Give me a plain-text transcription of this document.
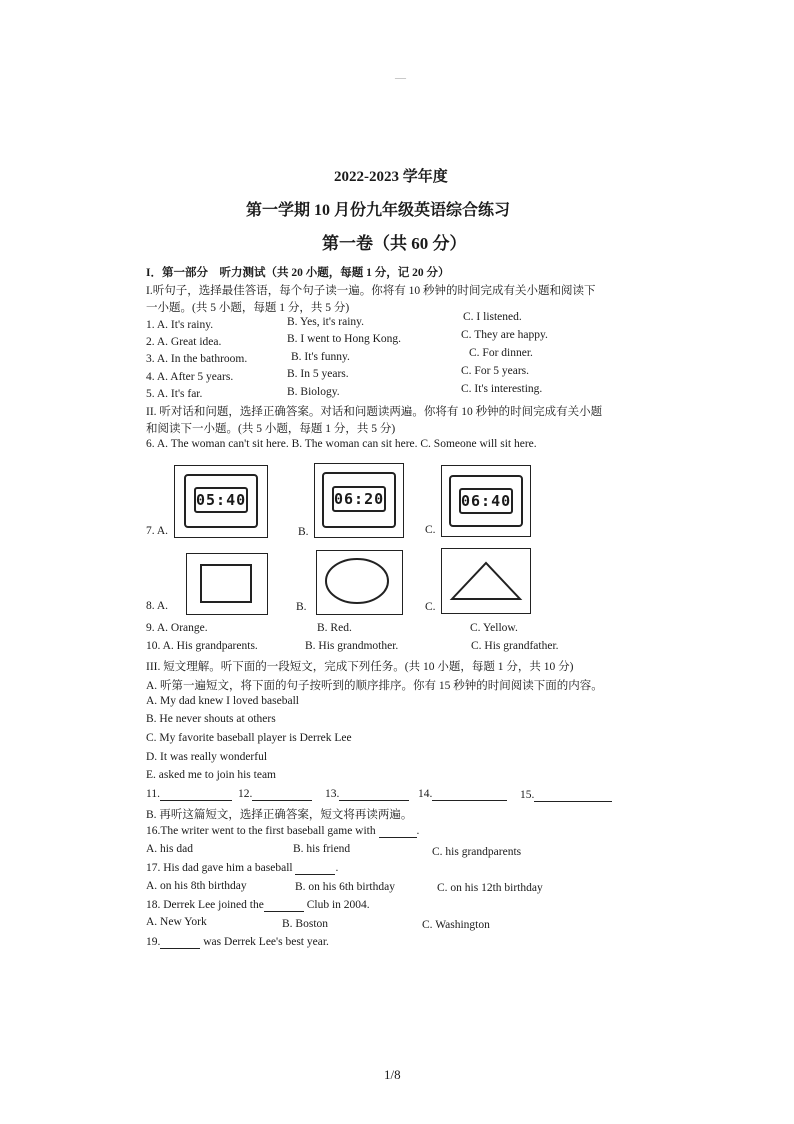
—
2022-2023 学年度
第一学期 10 月份九年级英语综合练习
第一卷（共 60 分）
I．第一部分　听力测试（共 20 小题，每题 1 分，记 20 分）
I.听句子，选择最佳答语，每个句子读一遍。你将有 10 秒钟的时间完成有关小题和阅读下
一小题。(共 5 小题，每题 1 分，共 5 分)
1. A. It's rainy.	B. Yes, it's rainy.	C. I listened.
2. A. Great idea.	B. I went to Hong Kong.	C. They are happy.
3. A. In the bathroom.	B. It's funny.	C. For dinner.
4. A. After 5 years.	B. In 5 years.	C. For 5 years.
5. A. It's far.	B. Biology.	C. It's interesting.
II. 听对话和问题，选择正确答案。对话和问题读两遍。你将有 10 秒钟的时间完成有关小题
和阅读下一小题。(共 5 小题，每题 1 分，共 5 分)
6. A. The woman can't sit here. B. The woman can sit here. C. Someone will sit here.
7. A.
05:40
B.
06:20
C.
06:40
8. A.	B.	C.
9. A. Orange.	B. Red.	C. Yellow.
10. A. His grandparents.	B. His grandmother.	C. His grandfather.
III. 短文理解。听下面的一段短文，完成下列任务。(共 10 小题，每题 1 分，共 10 分)
A. 听第一遍短文，将下面的句子按听到的顺序排序。你有 15 秒钟的时间阅读下面的内容。
A. My dad knew I loved baseball
B. He never shouts at others
C. My favorite baseball player is Derrek Lee
D. It was really wonderful
E. asked me to join his team
11.	12.	13.	14.	15.
B. 再听这篇短文，选择正确答案，短文将再读两遍。
16.The writer went to the first baseball game with	.
A. his dad	B. his friend	C. his grandparents
17. His dad gave him a baseball	.
A. on his 8th birthday	B. on his 6th birthday	C. on his 12th birthday
18. Derrek Lee joined the	Club in 2004.
A. New York	B. Boston	C. Washington
19.	was Derrek Lee's best year.
1/8
